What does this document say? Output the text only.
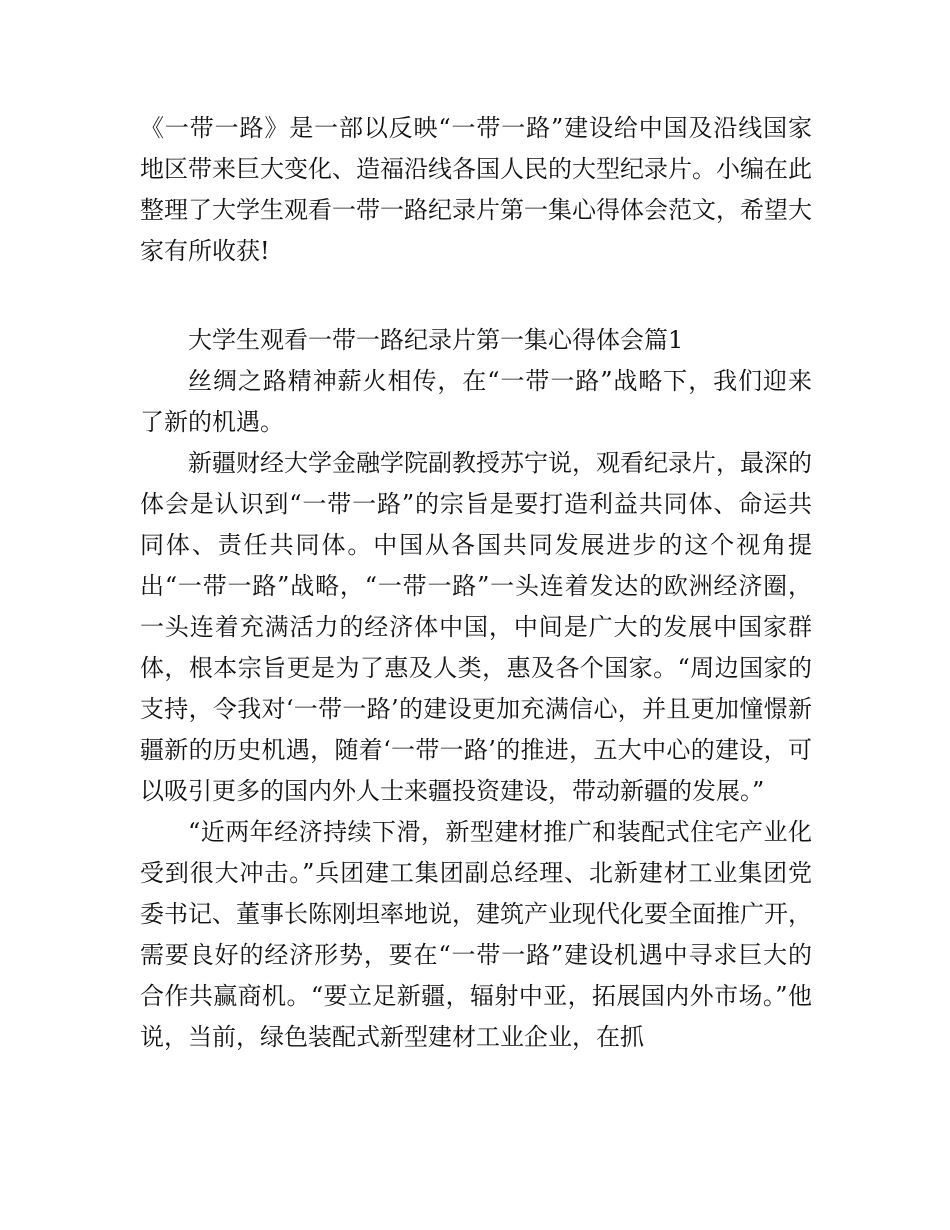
《一带一路》是一部以反映“一带一路”建设给中国及沿线国家地区带来巨大变化、造福沿线各国人民的大型纪录片。小编在此整理了大学生观看一带一路纪录片第一集心得体会范文，希望大家有所收获!

大学生观看一带一路纪录片第一集心得体会篇1

丝绸之路精神薪火相传，在“一带一路”战略下，我们迎来了新的机遇。

新疆财经大学金融学院副教授苏宁说，观看纪录片，最深的体会是认识到“一带一路”的宗旨是要打造利益共同体、命运共同体、责任共同体。中国从各国共同发展进步的这个视角提出“一带一路”战略，“一带一路”一头连着发达的欧洲经济圈，一头连着充满活力的经济体中国，中间是广大的发展中国家群体，根本宗旨更是为了惠及人类，惠及各个国家。“周边国家的支持，令我对‘一带一路’的建设更加充满信心，并且更加憧憬新疆新的历史机遇，随着‘一带一路’的推进，五大中心的建设，可以吸引更多的国内外人士来疆投资建设，带动新疆的发展。”

“近两年经济持续下滑，新型建材推广和装配式住宅产业化受到很大冲击。”兵团建工集团副总经理、北新建材工业集团党委书记、董事长陈刚坦率地说，建筑产业现代化要全面推广开，需要良好的经济形势，要在“一带一路”建设机遇中寻求巨大的合作共赢商机。“要立足新疆，辐射中亚，拓展国内外市场。”他说，当前，绿色装配式新型建材工业企业，在抓
